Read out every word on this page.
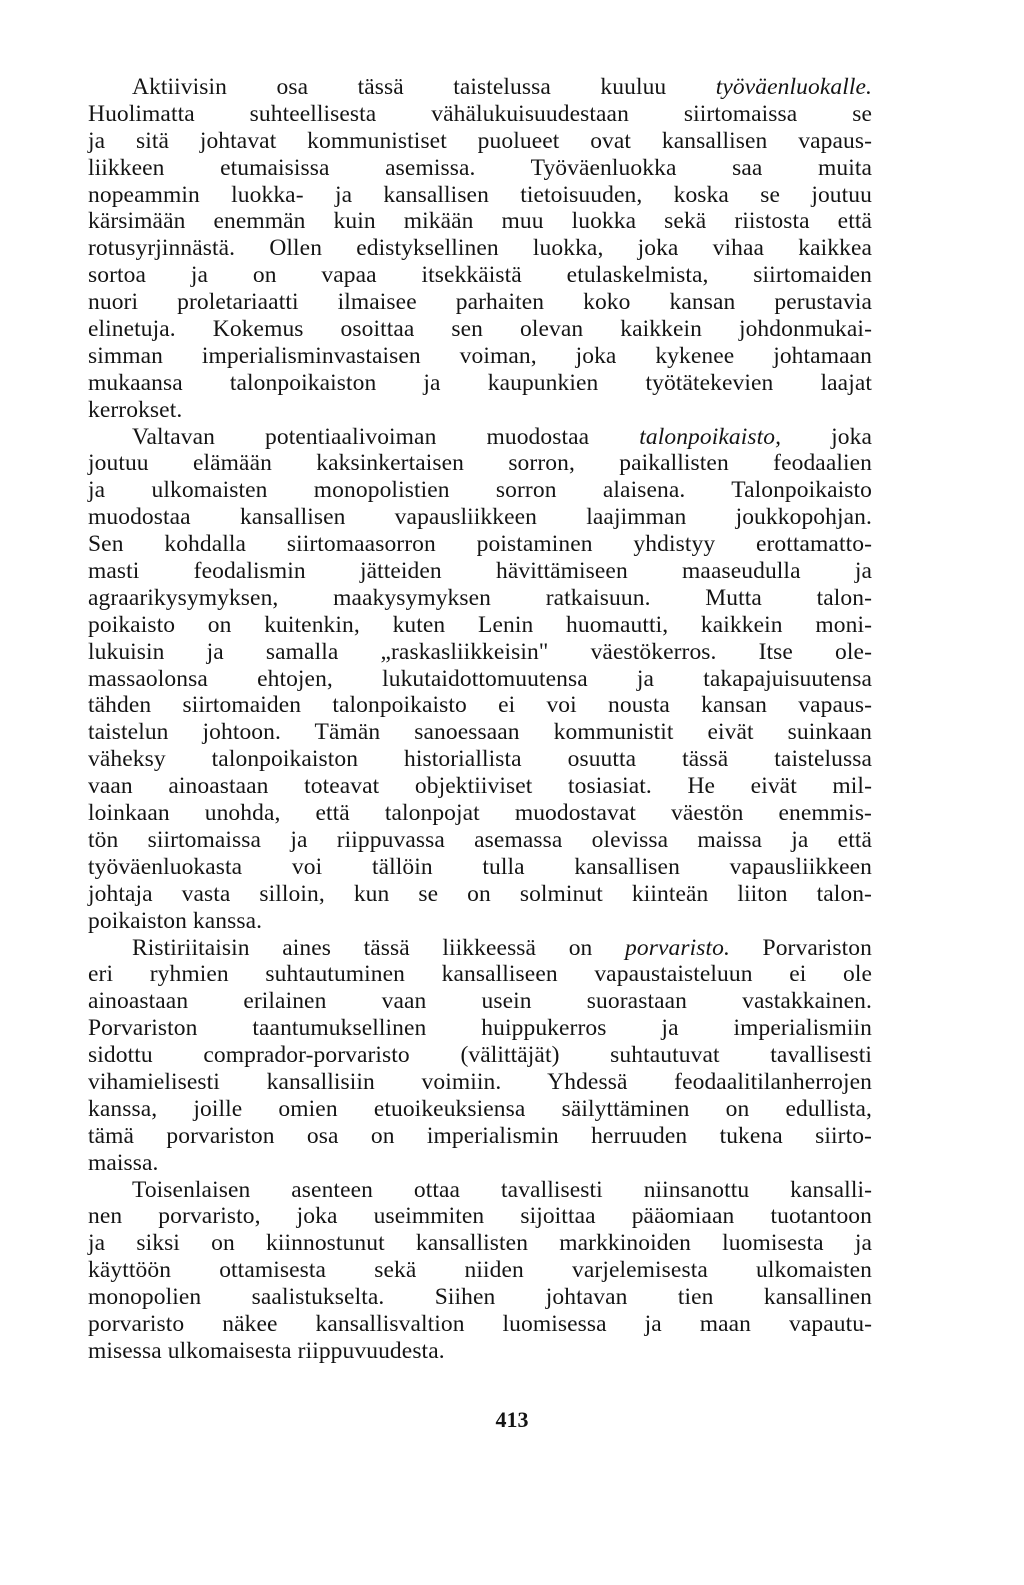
Aktiivisin osa tässä taistelussa kuuluu työväenluokalle.
Huolimatta suhteellisesta vähälukuisuudestaan siirtomaissa se
ja sitä johtavat kommunistiset puolueet ovat kansallisen vapaus-
liikkeen etumaisissa asemissa. Työväenluokka saa muita
nopeammin luokka- ja kansallisen tietoisuuden, koska se joutuu
kärsimään enemmän kuin mikään muu luokka sekä riistosta että
rotusyrjinnästä. Ollen edistyksellinen luokka, joka vihaa kaikkea
sortoa ja on vapaa itsekkäistä etulaskelmista, siirtomaiden
nuori proletariaatti ilmaisee parhaiten koko kansan perustavia
elinetuja. Kokemus osoittaa sen olevan kaikkein johdonmukai-
simman imperialisminvastaisen voiman, joka kykenee johtamaan
mukaansa talonpoikaiston ja kaupunkien työtätekevien laajat
kerrokset.
Valtavan potentiaalivoiman muodostaa talonpoikaisto, joka
joutuu elämään kaksinkertaisen sorron, paikallisten feodaalien
ja ulkomaisten monopolistien sorron alaisena. Talonpoikaisto
muodostaa kansallisen vapausliikkeen laajimman joukkopohjan.
Sen kohdalla siirtomaasorron poistaminen yhdistyy erottamatto-
masti feodalismin jätteiden hävittämiseen maaseudulla ja
agraarikysymyksen, maakysymyksen ratkaisuun. Mutta talon-
poikaisto on kuitenkin, kuten Lenin huomautti, kaikkein moni-
lukuisin ja samalla „raskasliikkeisin" väestökerros. Itse ole-
massaolonsa ehtojen, lukutaidottomuutensa ja takapajuisuutensa
tähden siirtomaiden talonpoikaisto ei voi nousta kansan vapaus-
taistelun johtoon. Tämän sanoessaan kommunistit eivät suinkaan
väheksy talonpoikaiston historiallista osuutta tässä taistelussa
vaan ainoastaan toteavat objektiiviset tosiasiat. He eivät mil-
loinkaan unohda, että talonpojat muodostavat väestön enemmis-
tön siirtomaissa ja riippuvassa asemassa olevissa maissa ja että
työväenluokasta voi tällöin tulla kansallisen vapausliikkeen
johtaja vasta silloin, kun se on solminut kiinteän liiton talon-
poikaiston kanssa.
Ristiriitaisin aines tässä liikkeessä on porvaristo. Porvariston
eri ryhmien suhtautuminen kansalliseen vapaustaisteluun ei ole
ainoastaan erilainen vaan usein suorastaan vastakkainen.
Porvariston taantumuksellinen huippukerros ja imperialismiin
sidottu comprador-porvaristo (välittäjät) suhtautuvat tavallisesti
vihamielisesti kansallisiin voimiin. Yhdessä feodaalitilanherrojen
kanssa, joille omien etuoikeuksiensa säilyttäminen on edullista,
tämä porvariston osa on imperialismin herruuden tukena siirto-
maissa.
Toisenlaisen asenteen ottaa tavallisesti niinsanottu kansalli-
nen porvaristo, joka useimmiten sijoittaa pääomiaan tuotantoon
ja siksi on kiinnostunut kansallisten markkinoiden luomisesta ja
käyttöön ottamisesta sekä niiden varjelemisesta ulkomaisten
monopolien saalistukselta. Siihen johtavan tien kansallinen
porvaristo näkee kansallisvaltion luomisessa ja maan vapautu-
misessa ulkomaisesta riippuvuudesta.
413
